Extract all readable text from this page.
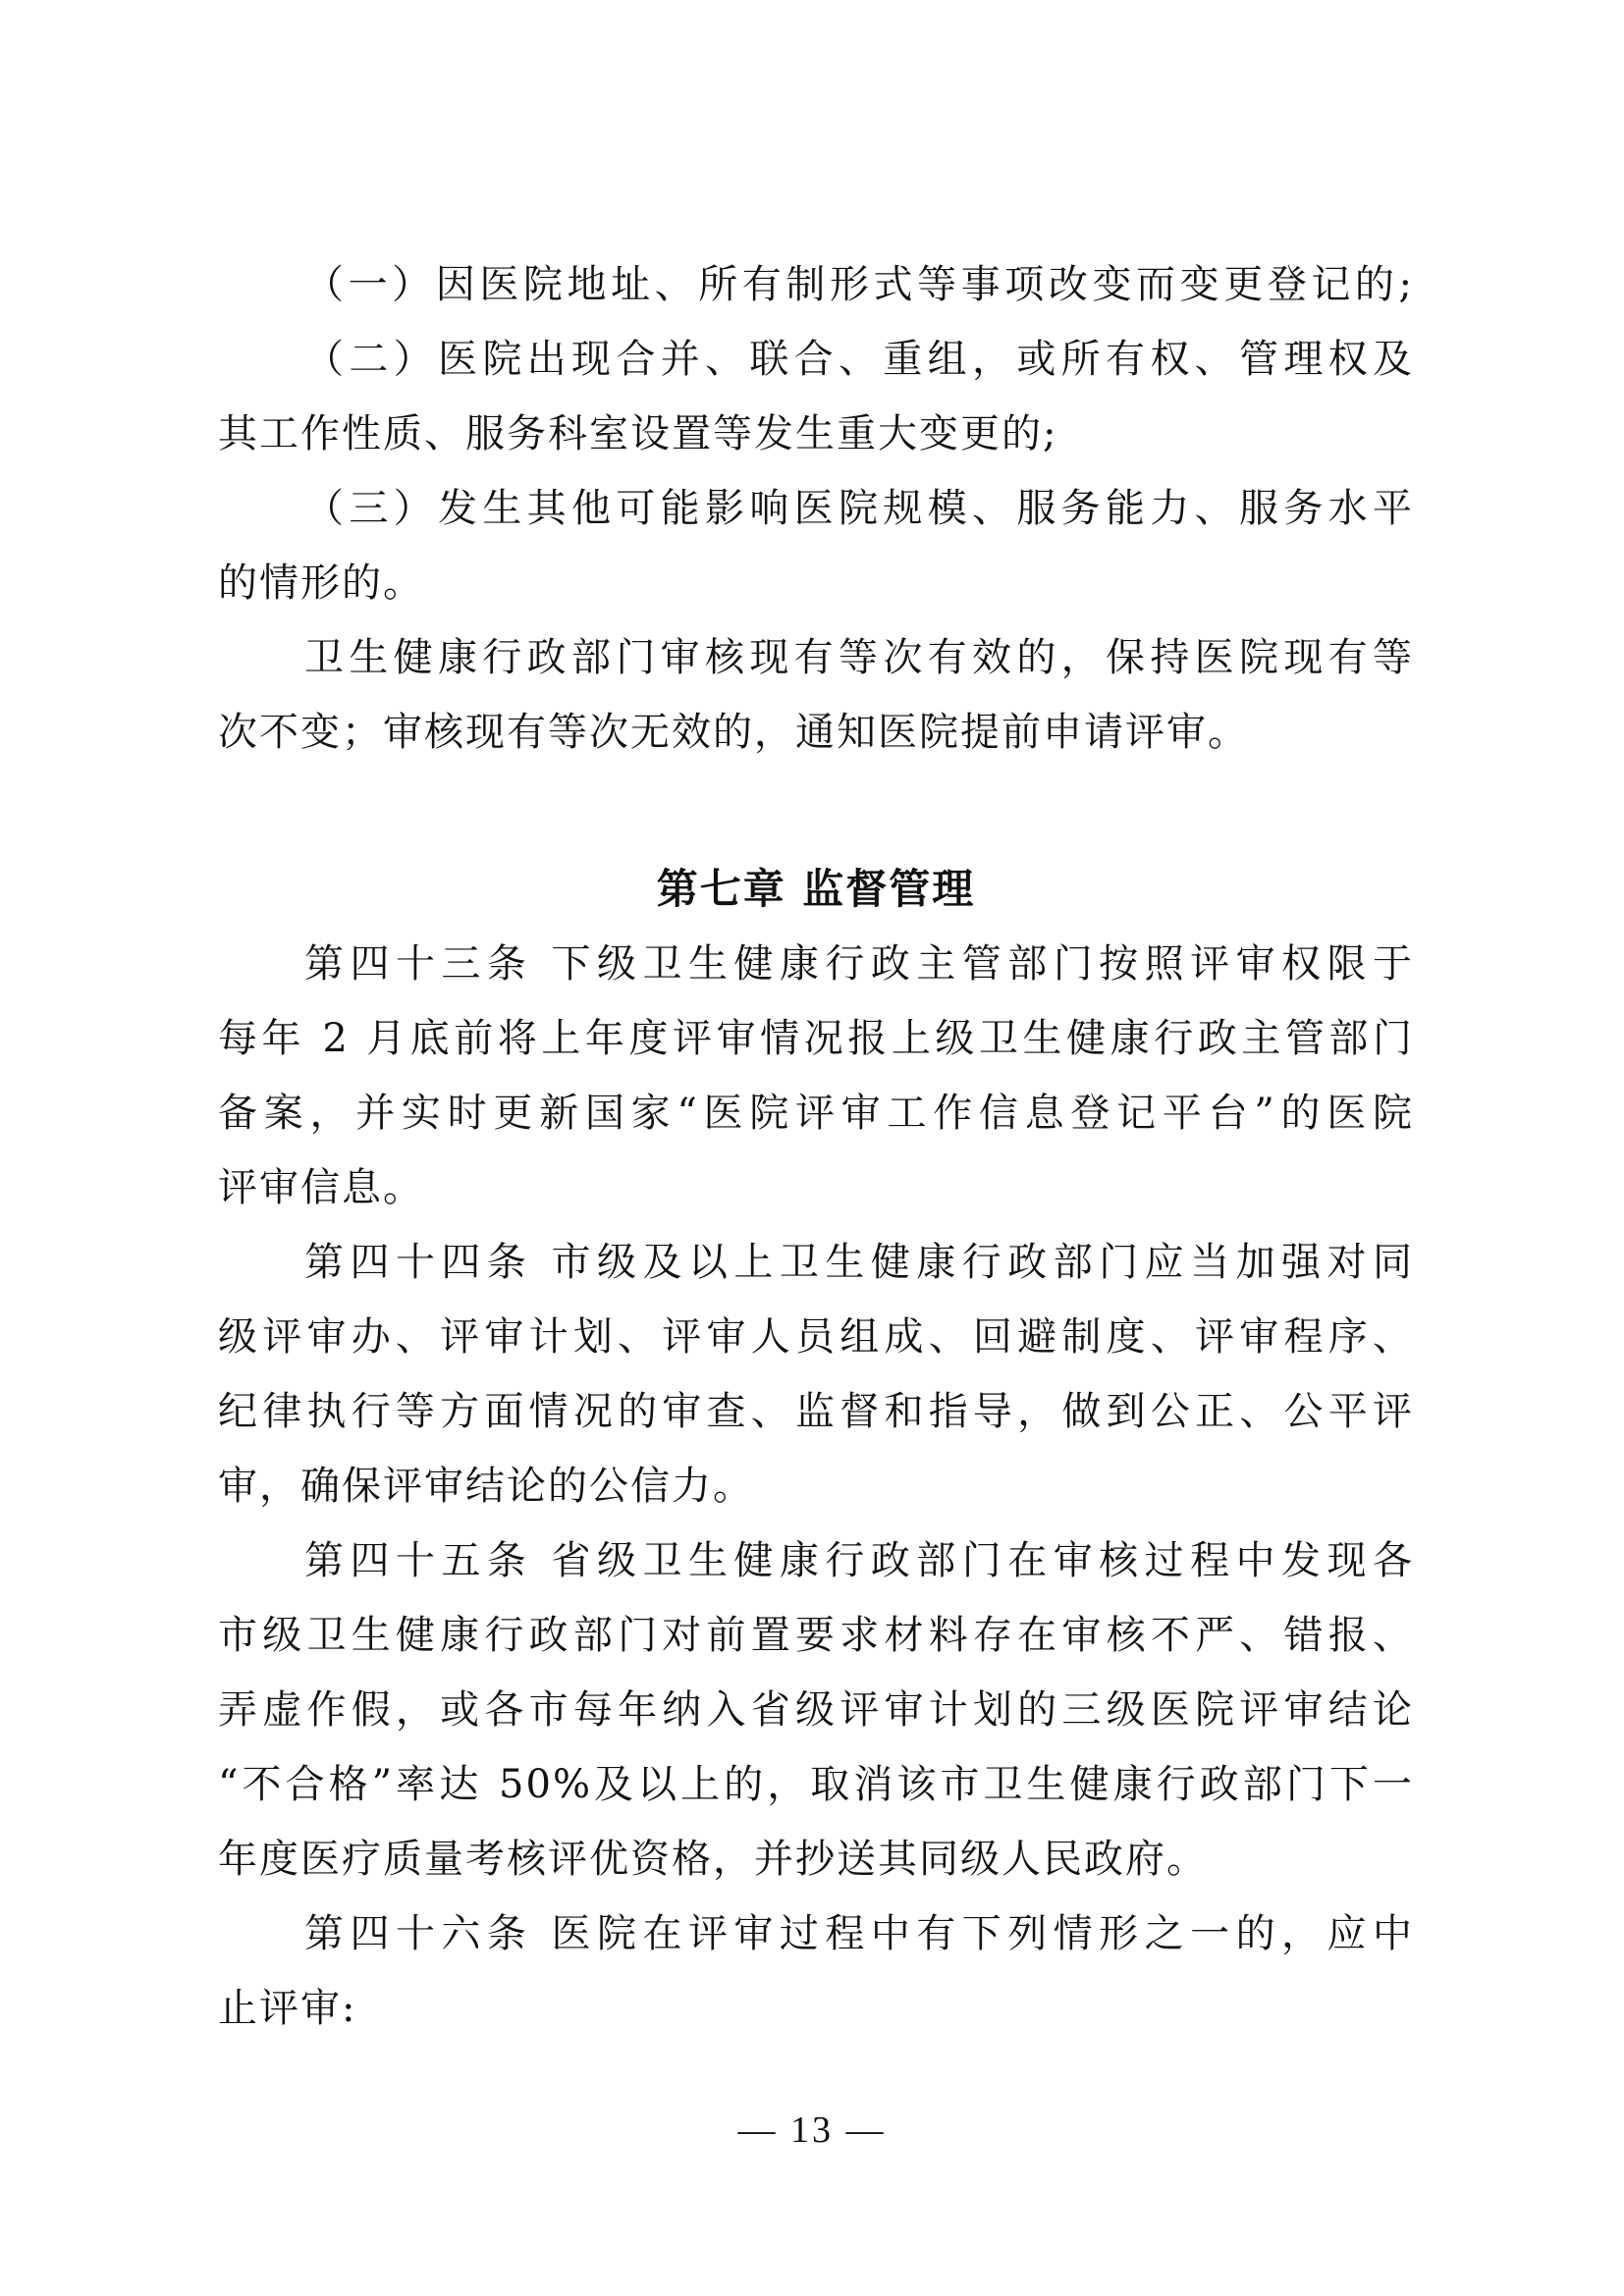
（一）因医院地址、所有制形式等事项改变而变更登记的;
（二）医院出现合并、联合、重组，或所有权、管理权及
其工作性质、服务科室设置等发生重大变更的;
（三）发生其他可能影响医院规模、服务能力、服务水平
的情形的。
卫生健康行政部门审核现有等次有效的，保持医院现有等
次不变；审核现有等次无效的，通知医院提前申请评审。
第七章 监督管理
第四十三条 下级卫生健康行政主管部门按照评审权限于
每年 2 月底前将上年度评审情况报上级卫生健康行政主管部门
备案，并实时更新国家“医院评审工作信息登记平台”的医院
评审信息。
第四十四条 市级及以上卫生健康行政部门应当加强对同
级评审办、评审计划、评审人员组成、回避制度、评审程序、
纪律执行等方面情况的审查、监督和指导，做到公正、公平评
审，确保评审结论的公信力。
第四十五条 省级卫生健康行政部门在审核过程中发现各
市级卫生健康行政部门对前置要求材料存在审核不严、错报、
弄虚作假，或各市每年纳入省级评审计划的三级医院评审结论
“不合格”率达 50%及以上的，取消该市卫生健康行政部门下一
年度医疗质量考核评优资格，并抄送其同级人民政府。
第四十六条 医院在评审过程中有下列情形之一的，应中
止评审:
— 13 —
